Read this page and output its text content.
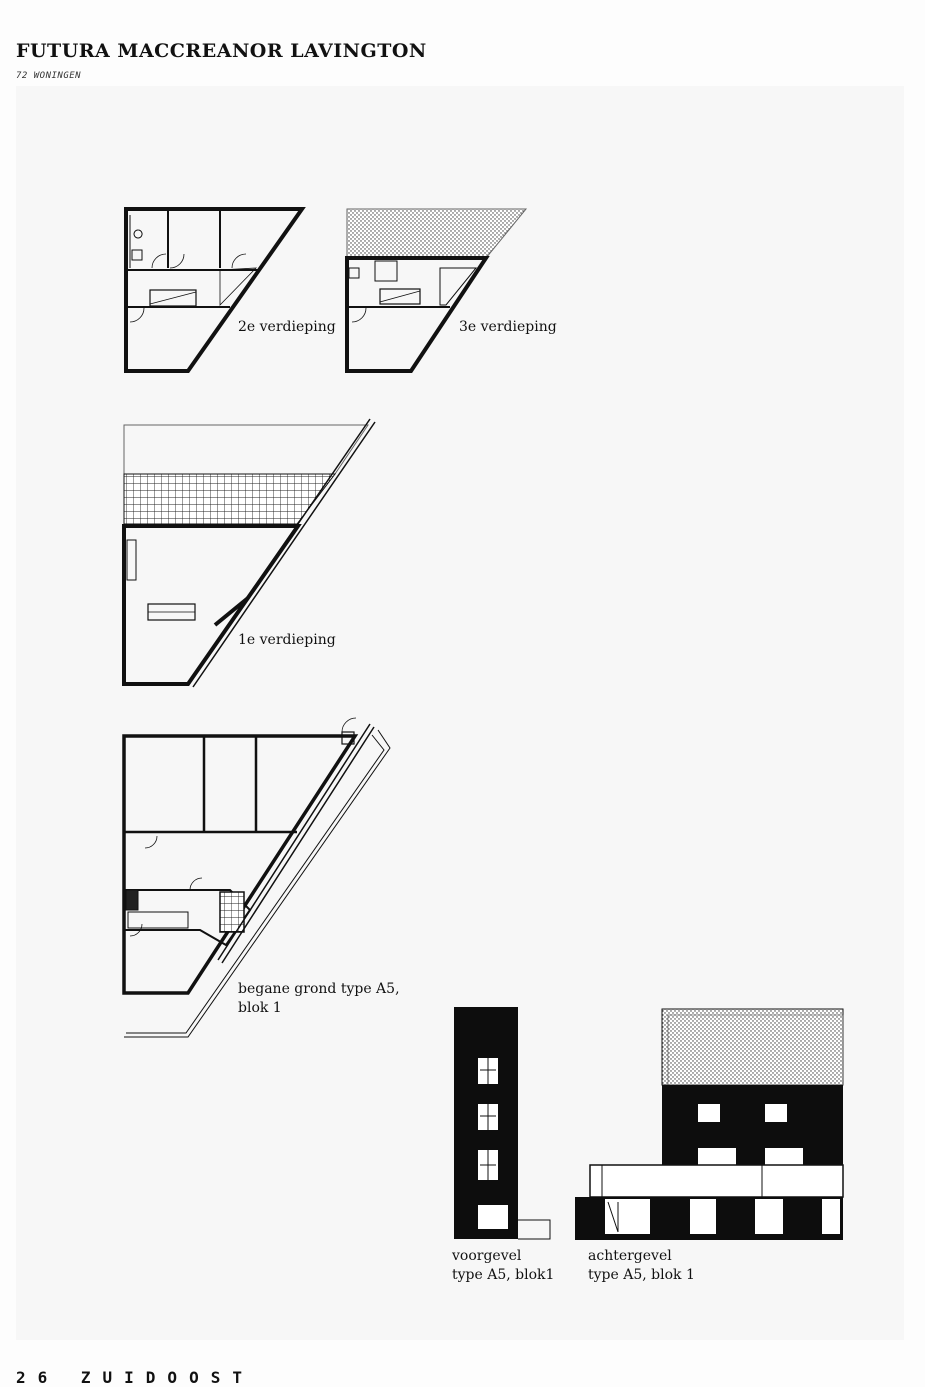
FUTURA MACCREANOR LAVINGTON
72 WONINGEN
2e verdieping	3e verdieping
1e verdieping
begane grond type A5,
blok 1
voorgevel
type A5, blok1
achtergevel
type A5, blok 1
26 ZUIDOOST
